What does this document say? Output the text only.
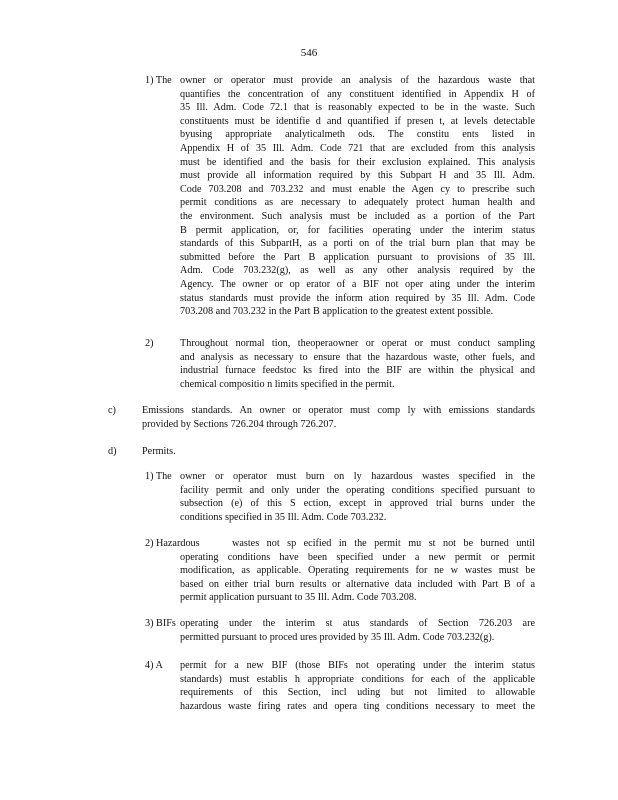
546
1) The owner or operator must provide an analysis of the hazardous waste that
quantifies the concentration of any constituent identified in Appendix H of
35 Ill. Adm. Code 72.1 that is reasonably expected to be in the waste. Such
constituents must be identifie d and quantified if presen t, at levels detectable
byusing appropriate analyticalmeth ods. The constitu ents listed in
Appendix H of 35 Ill. Adm. Code 721 that are excluded from this analysis
must be identified and the basis for their exclusion explained. This analysis
must provide all information required by this Subpart H and 35 Ill. Adm.
Code 703.208 and 703.232 and must enable the Agen cy to prescribe such
permit conditions as are necessary to adequately protect human health and
the environment. Such analysis must be included as a portion of the Part
B permit application, or, for facilities operating under the interim status
standards of this SubpartH, as a porti on of the trial burn plan that may be
submitted before the Part B application pursuant to provisions of 35 Ill.
Adm. Code 703.232(g), as well as any other analysis required by the
Agency. The owner or op erator of a BIF not oper ating under the interim
status standards must provide the inform ation required by 35 Ill. Adm. Code
703.208 and 703.232 in the Part B application to the greatest extent possible.
2)	Throughout normal tion, theoperaowner or operat or must conduct sampling
and analysis as necessary to ensure that the hazardous waste, other fuels, and
industrial furnace feedstoc ks fired into the BIF are within the physical and
chemical compositio n limits specified in the permit.
c)	Emissions standards. An owner or operator must comp ly with emissions standards
provided by Sections 726.204 through 726.207.
d)	Permits.
1) The owner or operator must burn on ly hazardous wastes specified in the
facility permit and only under the operating conditions specified pursuant to
subsection (e) of this S ection, except in approved trial burns under the
conditions specified in 35 Ill. Adm. Code 703.232.
2) Hazardous	wastes not sp ecified in the permit mu st not be burned until
operating conditions have been specified under a new permit or permit
modification, as applicable. Operating requirements for ne w wastes must be
based on either trial burn results or alternative data included with Part B of a
permit application pursuant to 35 Ill. Adm. Code 703.208.
3) BIFs operating under the interim st atus standards of Section 726.203 are
permitted pursuant to proced ures provided by 35 Ill. Adm. Code 703.232(g).
4) A permit for a new BIF (those BIFs not operating under the interim status
standards) must establis h appropriate conditions for each of the applicable
requirements of this Section, incl uding but not limited to allowable
hazardous waste firing rates and opera ting conditions necessary to meet the
